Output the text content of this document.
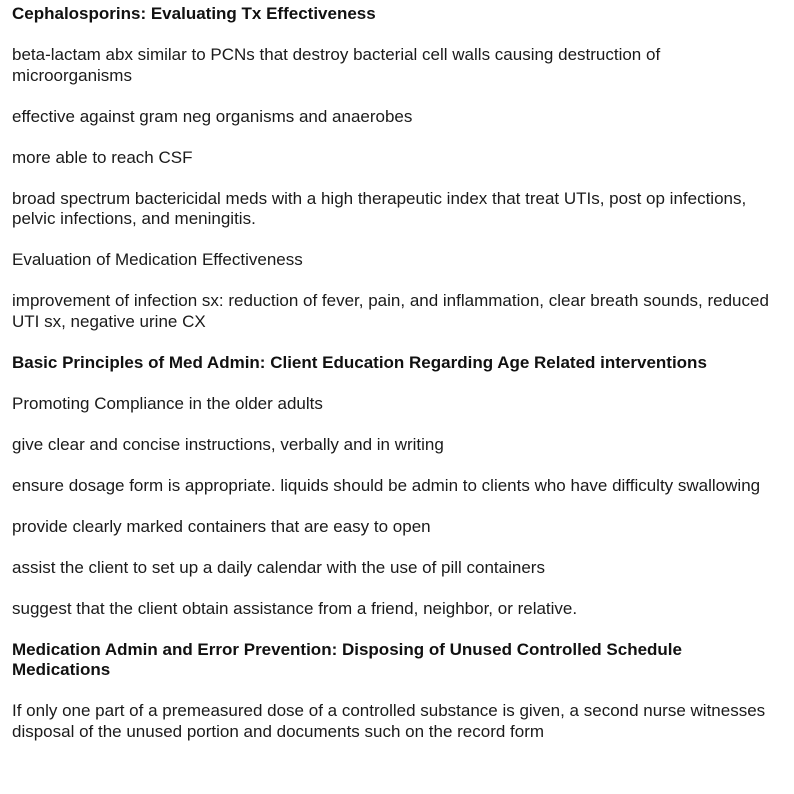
Cephalosporins: Evaluating Tx Effectiveness

beta-lactam abx similar to PCNs that destroy bacterial cell walls causing destruction of microorganisms

effective against gram neg organisms and anaerobes

more able to reach CSF

broad spectrum bactericidal meds with a high therapeutic index that treat UTIs, post op infections, pelvic infections, and meningitis.

Evaluation of Medication Effectiveness

improvement of infection sx: reduction of fever, pain, and inflammation, clear breath sounds, reduced UTI sx, negative urine CX

Basic Principles of Med Admin: Client Education Regarding Age Related interventions

Promoting Compliance in the older adults

give clear and concise instructions, verbally and in writing

ensure dosage form is appropriate. liquids should be admin to clients who have difficulty swallowing

provide clearly marked containers that are easy to open

assist the client to set up a daily calendar with the use of pill containers

suggest that the client obtain assistance from a friend, neighbor, or relative.

Medication Admin and Error Prevention: Disposing of Unused Controlled Schedule Medications

If only one part of a premeasured dose of a controlled substance is given, a second nurse witnesses disposal of the unused portion and documents such on the record form
